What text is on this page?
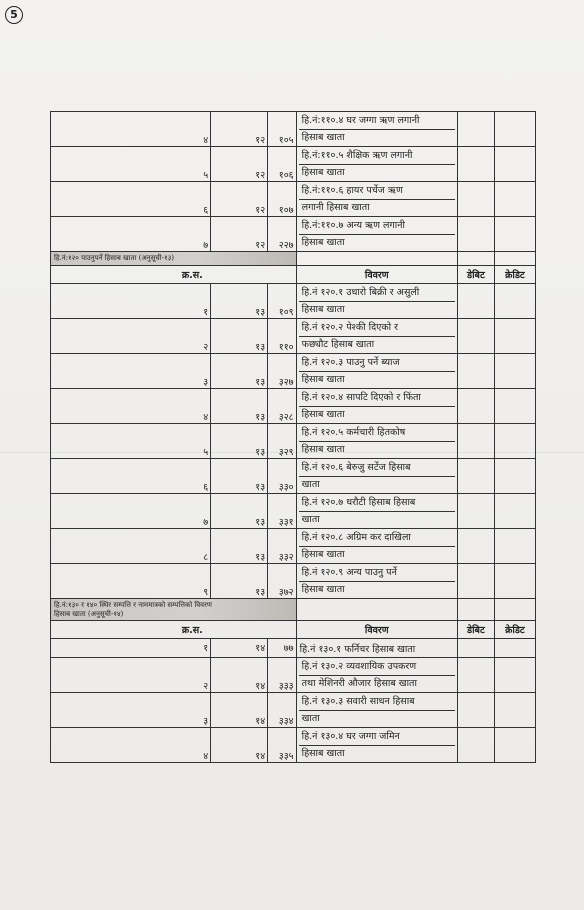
5
४	१२	१०५	हि.नं:११०.४ घर जग्गा ऋण लगानी
हिसाब खाता		

५	१२	१०६	हि.नं:११०.५ शैक्षिक ऋण लगानी
हिसाब खाता		

६	१२	१०७	हि.नं:११०.६ हायर पर्चेज ऋण
लगानी हिसाब खाता		

७	१२	२२७	हि.नं:११०.७ अन्य ऋण लगानी
हिसाब खाता		

हि.नं:१२० पाउनुपर्ने हिसाब खाता (अनुसूची-१३)					
क्र.स.			विवरण	डेबिट	क्रेडिट
१	१३	१०९	हि.नं १२०.१ उधारो बिक्री र असुली
हिसाब खाता		

२	१३	११०	हि.नं १२०.२ पेश्की दिएको र
फछ्यौट हिसाब खाता		

३	१३	३२७	हि.नं १२०.३ पाउनु पर्ने ब्याज
हिसाब खाता		

४	१३	३२८	हि.नं १२०.४ सापटि दिएको र फिंता
हिसाब खाता		

५	१३	३२९	हि.नं १२०.५ कर्मचारी हितकोष
हिसाब खाता		

६	१३	३३०	हि.नं १२०.६ बेरुजु सर्टेज हिसाब
खाता		

७	१३	३३१	हि.नं १२०.७ धरौटी हिसाब हिसाब
खाता		

८	१३	३३२	हि.नं १२०.८ अग्रिम कर दाखिला
हिसाब खाता		

९	१३	३७२	हि.नं १२०.९ अन्य पाउनु पर्ने
हिसाब खाता		

हि.नं:१३० र १४० स्थिर सम्पत्ति र नाममात्रको सम्पत्तिको विवरण
हिसाब खाता (अनुसूची-१४)					

क्र.स.			विवरण	डेबिट	क्रेडिट
१	१४	७७	हि.नं १३०.१ फर्निचर हिसाब खाता		
२	१४	३३३	हि.नं १३०.२ व्यवशायिक उपकरण
तथा मेशिनरी औजार हिसाब खाता		

३	१४	३३४	हि.नं १३०.३ सवारी साधन हिसाब
खाता		

४	१४	३३५	हि.नं १३०.४ घर जग्गा जमिन
हिसाब खाता		
